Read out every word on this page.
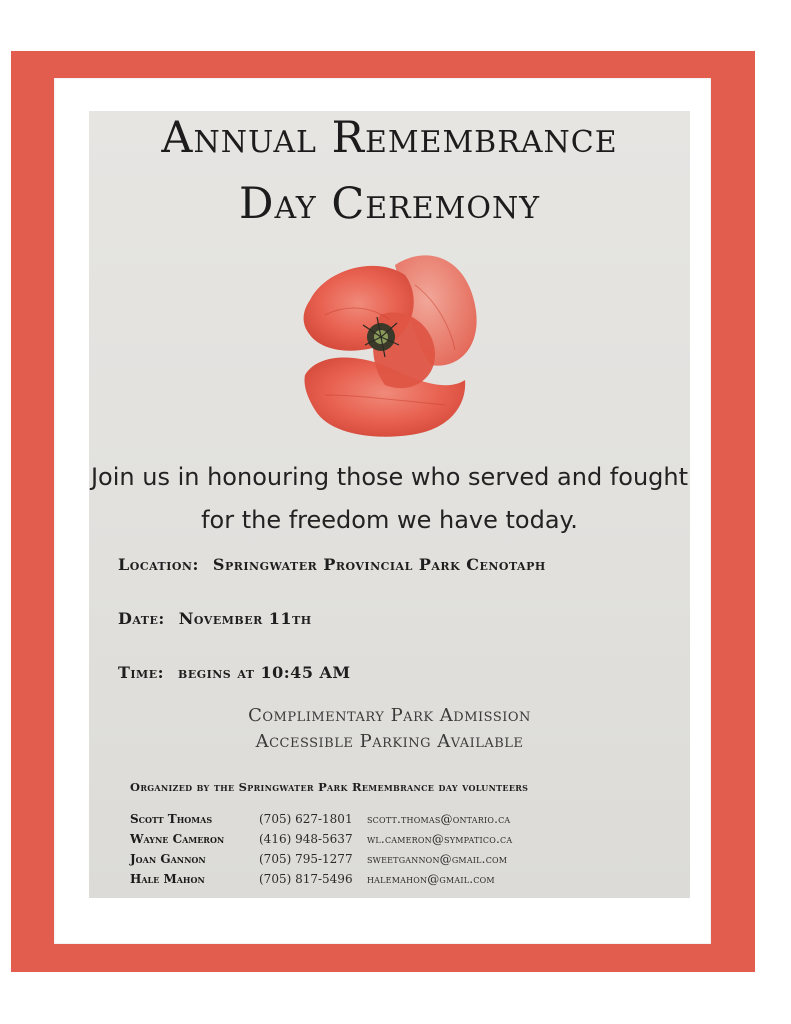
Annual Remembrance
Day Ceremony

Join us in honouring those who served and fought

for the freedom we have today.

Location: Springwater Provincial Park Cenotaph
Date: November 11th
Time: begins at 10:45 AM
Complimentary Park Admission
Accessible Parking Available
Organized by the Springwater Park Remembrance day volunteers
Scott Thomas	(705) 627-1801	scott.thomas@ontario.ca
Wayne Cameron	(416) 948-5637	wl.cameron@sympatico.ca
Joan Gannon	(705) 795-1277	sweetgannon@gmail.com
Hale Mahon	(705) 817-5496	halemahon@gmail.com
